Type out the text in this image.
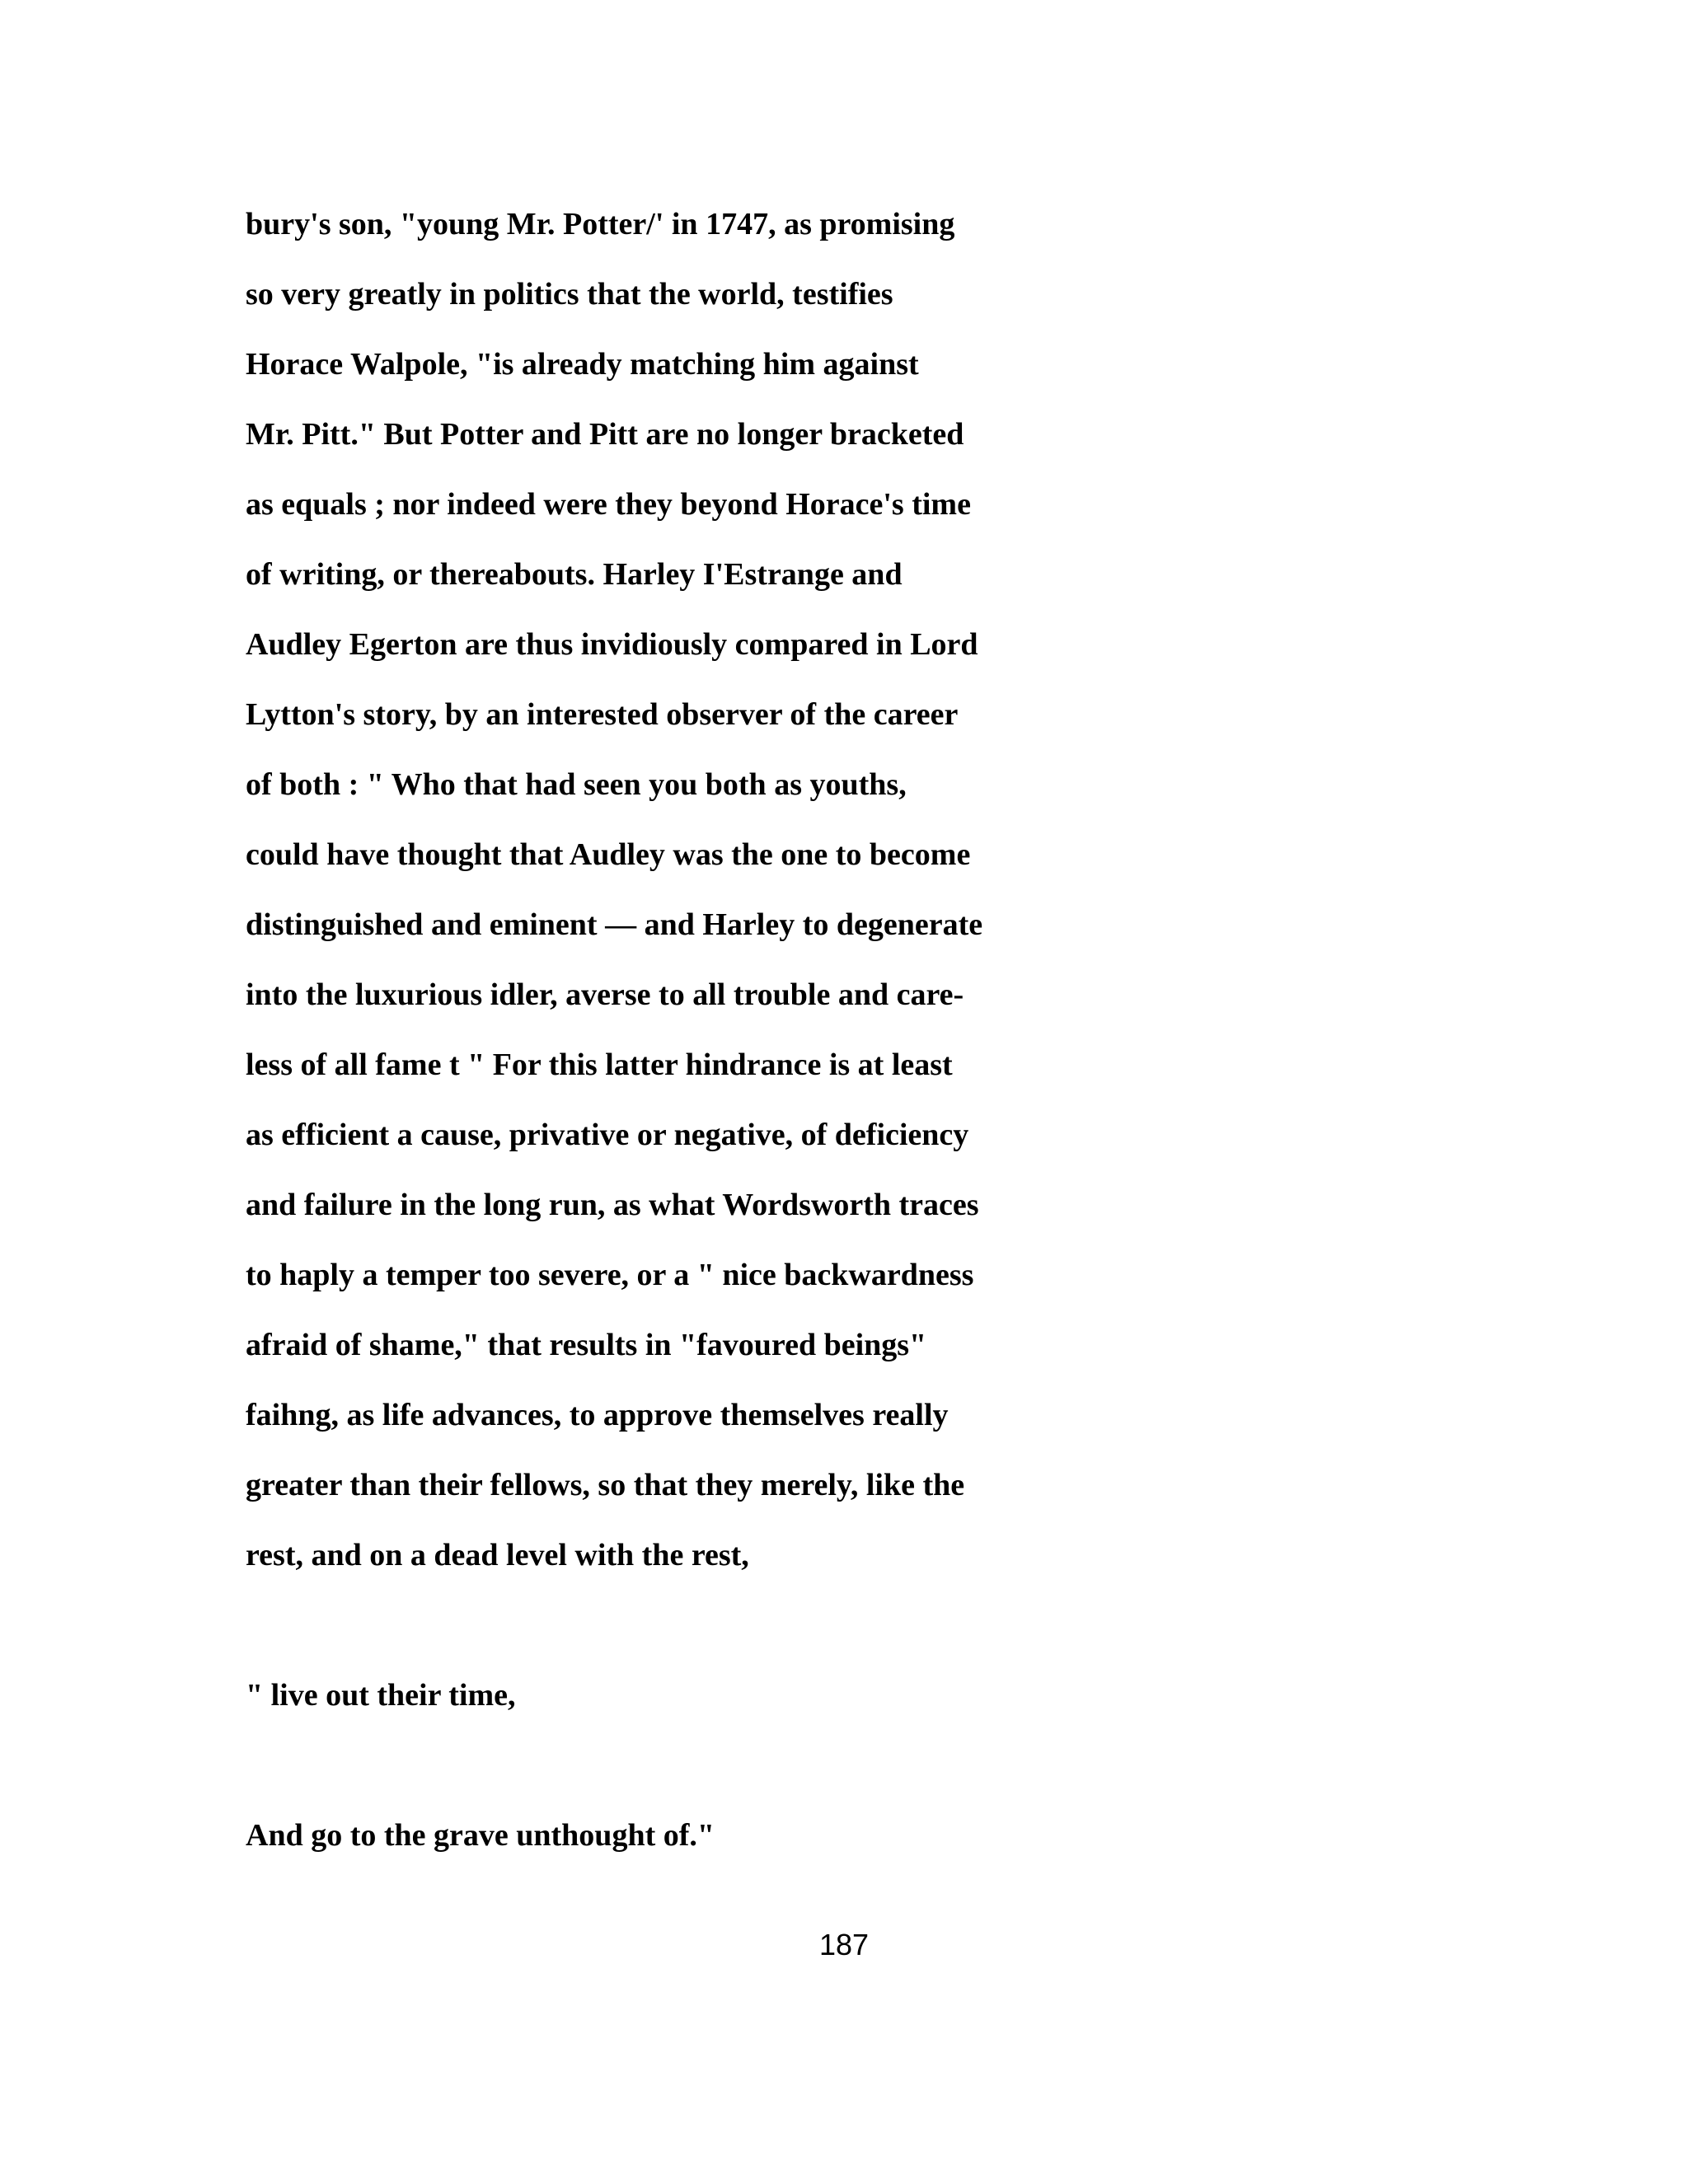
bury's son, "young Mr. Potter/' in 1747, as promising
so very greatly in politics that the world, testifies
Horace Walpole, "is already matching him against
Mr. Pitt." But Potter and Pitt are no longer bracketed
as equals ; nor indeed were they beyond Horace's time
of writing, or thereabouts. Harley I'Estrange and
Audley Egerton are thus invidiously compared in Lord
Lytton's story, by an interested observer of the career
of both : " Who that had seen you both as youths,
could have thought that Audley was the one to become
distinguished and eminent — and Harley to degenerate
into the luxurious idler, averse to all trouble and care-
less of all fame t " For this latter hindrance is at least
as efficient a cause, privative or negative, of deficiency
and failure in the long run, as what Wordsworth traces
to haply a temper too severe, or a " nice backwardness
afraid of shame," that results in "favoured beings"
faihng, as life advances, to approve themselves really
greater than their fellows, so that they merely, like the
rest, and on a dead level with the rest,
" live out their time,
And go to the grave unthought of."
187
